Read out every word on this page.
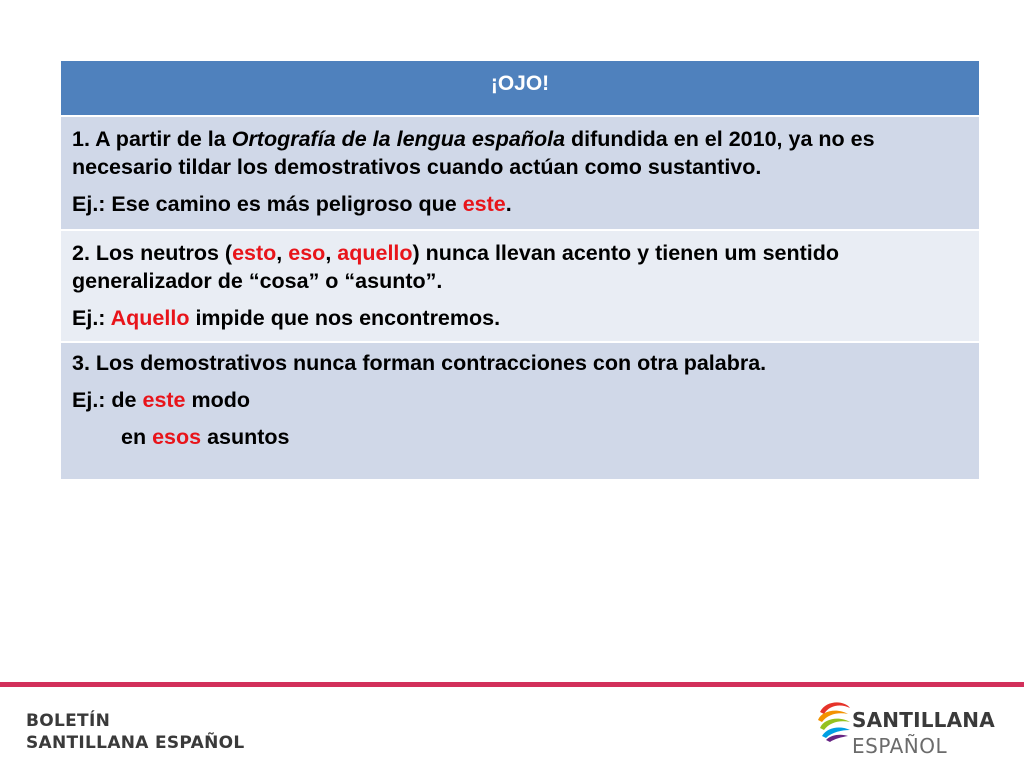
¡OJO!

1. A partir de la Ortografía de la lengua española difundida en el 2010, ya no es necesario tildar los demostrativos cuando actúan como sustantivo.

Ej.: Ese camino es más peligroso que este.

2. Los neutros (esto, eso, aquello) nunca llevan acento y tienen um sentido generalizador de “cosa” o “asunto”.

Ej.: Aquello impide que nos encontremos.

3. Los demostrativos nunca forman contracciones con otra palabra.

Ej.: de este modo

en esos asuntos

BOLETÍN
SANTILLANA ESPAÑOL
SANTILLANA
ESPAÑOL
